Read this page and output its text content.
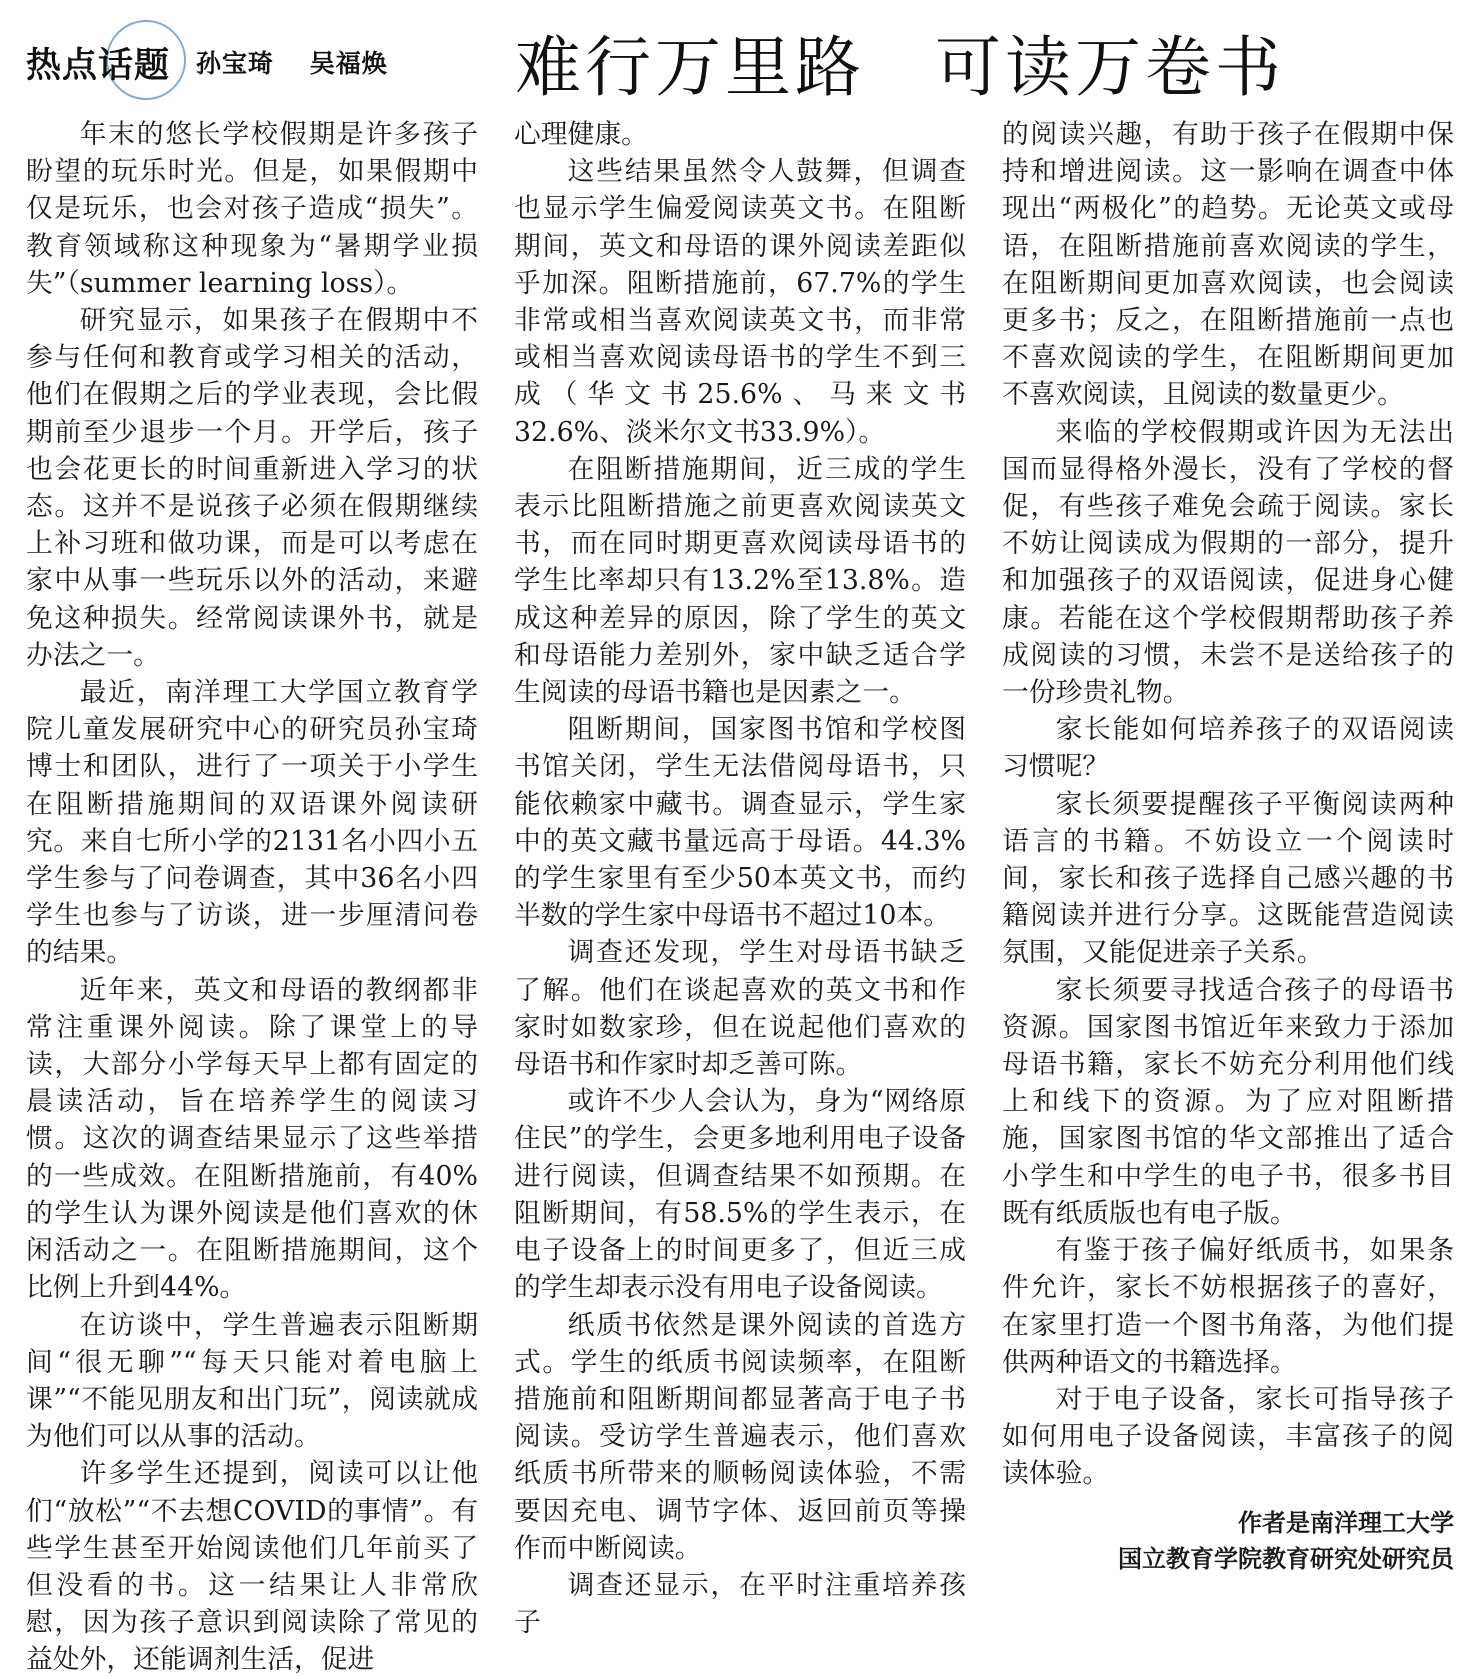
热点话题 孙宝琦 吴福焕	难行万里路　可读万卷书

年末的悠长学校假期是许多孩子盼望的玩乐时光。但是，如果假期中仅是玩乐，也会对孩子造成“损失”。教育领域称这种现象为“暑期学业损失”（summer learning loss）。

研究显示，如果孩子在假期中不参与任何和教育或学习相关的活动，他们在假期之后的学业表现，会比假期前至少退步一个月。开学后，孩子也会花更长的时间重新进入学习的状态。这并不是说孩子必须在假期继续上补习班和做功课，而是可以考虑在家中从事一些玩乐以外的活动，来避免这种损失。经常阅读课外书，就是办法之一。

最近，南洋理工大学国立教育学院儿童发展研究中心的研究员孙宝琦博士和团队，进行了一项关于小学生在阻断措施期间的双语课外阅读研究。来自七所小学的2131名小四小五学生参与了问卷调查，其中36名小四学生也参与了访谈，进一步厘清问卷的结果。

近年来，英文和母语的教纲都非常注重课外阅读。除了课堂上的导读，大部分小学每天早上都有固定的晨读活动，旨在培养学生的阅读习惯。这次的调查结果显示了这些举措的一些成效。在阻断措施前，有40%的学生认为课外阅读是他们喜欢的休闲活动之一。在阻断措施期间，这个比例上升到44%。

在访谈中，学生普遍表示阻断期间“很无聊”“每天只能对着电脑上课”“不能见朋友和出门玩”，阅读就成为他们可以从事的活动。

许多学生还提到，阅读可以让他们“放松”“不去想COVID的事情”。有些学生甚至开始阅读他们几年前买了但没看的书。这一结果让人非常欣慰，因为孩子意识到阅读除了常见的益处外，还能调剂生活，促进

心理健康。

这些结果虽然令人鼓舞，但调查也显示学生偏爱阅读英文书。在阻断期间，英文和母语的课外阅读差距似乎加深。阻断措施前，67.7%的学生非常或相当喜欢阅读英文书，而非常或相当喜欢阅读母语书的学生不到三成（华文书25.6%、马来文书32.6%、淡米尔文书33.9%）。

在阻断措施期间，近三成的学生表示比阻断措施之前更喜欢阅读英文书，而在同时期更喜欢阅读母语书的学生比率却只有13.2%至13.8%。造成这种差异的原因，除了学生的英文和母语能力差别外，家中缺乏适合学生阅读的母语书籍也是因素之一。

阻断期间，国家图书馆和学校图书馆关闭，学生无法借阅母语书，只能依赖家中藏书。调查显示，学生家中的英文藏书量远高于母语。44.3%的学生家里有至少50本英文书，而约半数的学生家中母语书不超过10本。

调查还发现，学生对母语书缺乏了解。他们在谈起喜欢的英文书和作家时如数家珍，但在说起他们喜欢的母语书和作家时却乏善可陈。

或许不少人会认为，身为“网络原住民”的学生，会更多地利用电子设备进行阅读，但调查结果不如预期。在阻断期间，有58.5%的学生表示，在电子设备上的时间更多了，但近三成的学生却表示没有用电子设备阅读。

纸质书依然是课外阅读的首选方式。学生的纸质书阅读频率，在阻断措施前和阻断期间都显著高于电子书阅读。受访学生普遍表示，他们喜欢纸质书所带来的顺畅阅读体验，不需要因充电、调节字体、返回前页等操作而中断阅读。

调查还显示，在平时注重培养孩子

的阅读兴趣，有助于孩子在假期中保持和增进阅读。这一影响在调查中体现出“两极化”的趋势。无论英文或母语，在阻断措施前喜欢阅读的学生，在阻断期间更加喜欢阅读，也会阅读更多书；反之，在阻断措施前一点也不喜欢阅读的学生，在阻断期间更加不喜欢阅读，且阅读的数量更少。

来临的学校假期或许因为无法出国而显得格外漫长，没有了学校的督促，有些孩子难免会疏于阅读。家长不妨让阅读成为假期的一部分，提升和加强孩子的双语阅读，促进身心健康。若能在这个学校假期帮助孩子养成阅读的习惯，未尝不是送给孩子的一份珍贵礼物。

家长能如何培养孩子的双语阅读习惯呢？

家长须要提醒孩子平衡阅读两种语言的书籍。不妨设立一个阅读时间，家长和孩子选择自己感兴趣的书籍阅读并进行分享。这既能营造阅读氛围，又能促进亲子关系。

家长须要寻找适合孩子的母语书资源。国家图书馆近年来致力于添加母语书籍，家长不妨充分利用他们线上和线下的资源。为了应对阻断措施，国家图书馆的华文部推出了适合小学生和中学生的电子书，很多书目既有纸质版也有电子版。

有鉴于孩子偏好纸质书，如果条件允许，家长不妨根据孩子的喜好，在家里打造一个图书角落，为他们提供两种语文的书籍选择。

对于电子设备，家长可指导孩子如何用电子设备阅读，丰富孩子的阅读体验。

作者是南洋理工大学
国立教育学院教育研究处研究员
